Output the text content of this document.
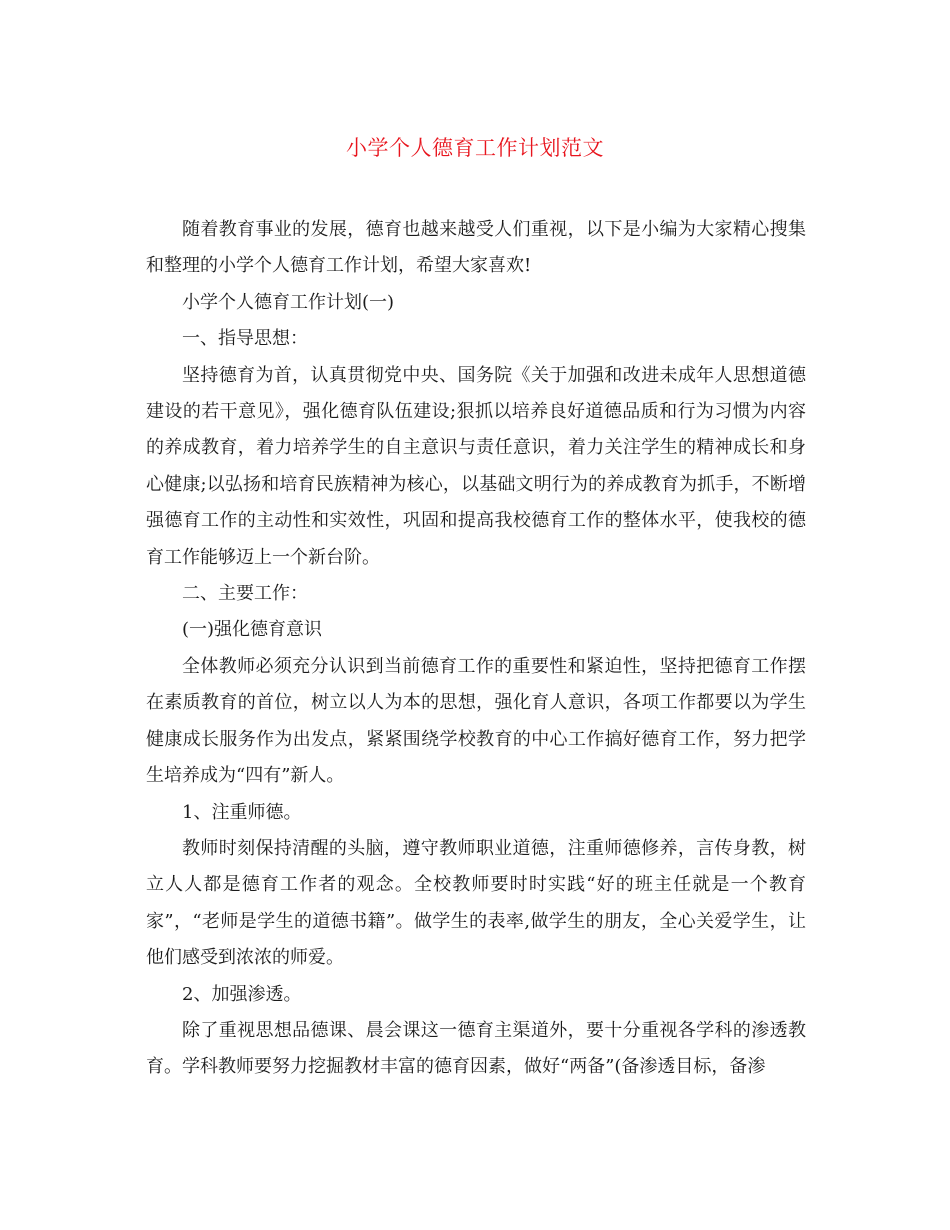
小学个人德育工作计划范文

随着教育事业的发展，德育也越来越受人们重视，以下是小编为大家精心搜集和整理的小学个人德育工作计划，希望大家喜欢!

小学个人德育工作计划(一)

一、指导思想：

坚持德育为首，认真贯彻党中央、国务院《关于加强和改进未成年人思想道德建设的若干意见》，强化德育队伍建设;狠抓以培养良好道德品质和行为习惯为内容的养成教育，着力培养学生的自主意识与责任意识，着力关注学生的精神成长和身心健康;以弘扬和培育民族精神为核心，以基础文明行为的养成教育为抓手，不断增强德育工作的主动性和实效性，巩固和提高我校德育工作的整体水平，使我校的德育工作能够迈上一个新台阶。

二、主要工作：

(一)强化德育意识

全体教师必须充分认识到当前德育工作的重要性和紧迫性，坚持把德育工作摆在素质教育的首位，树立以人为本的思想，强化育人意识，各项工作都要以为学生健康成长服务作为出发点，紧紧围绕学校教育的中心工作搞好德育工作，努力把学生培养成为“四有”新人。

1、注重师德。

教师时刻保持清醒的头脑，遵守教师职业道德，注重师德修养，言传身教，树立人人都是德育工作者的观念。全校教师要时时实践“好的班主任就是一个教育家”，“老师是学生的道德书籍”。做学生的表率,做学生的朋友，全心关爱学生，让他们感受到浓浓的师爱。

2、加强渗透。

除了重视思想品德课、晨会课这一德育主渠道外，要十分重视各学科的渗透教育。学科教师要努力挖掘教材丰富的德育因素，做好“两备”(备渗透目标，备渗
